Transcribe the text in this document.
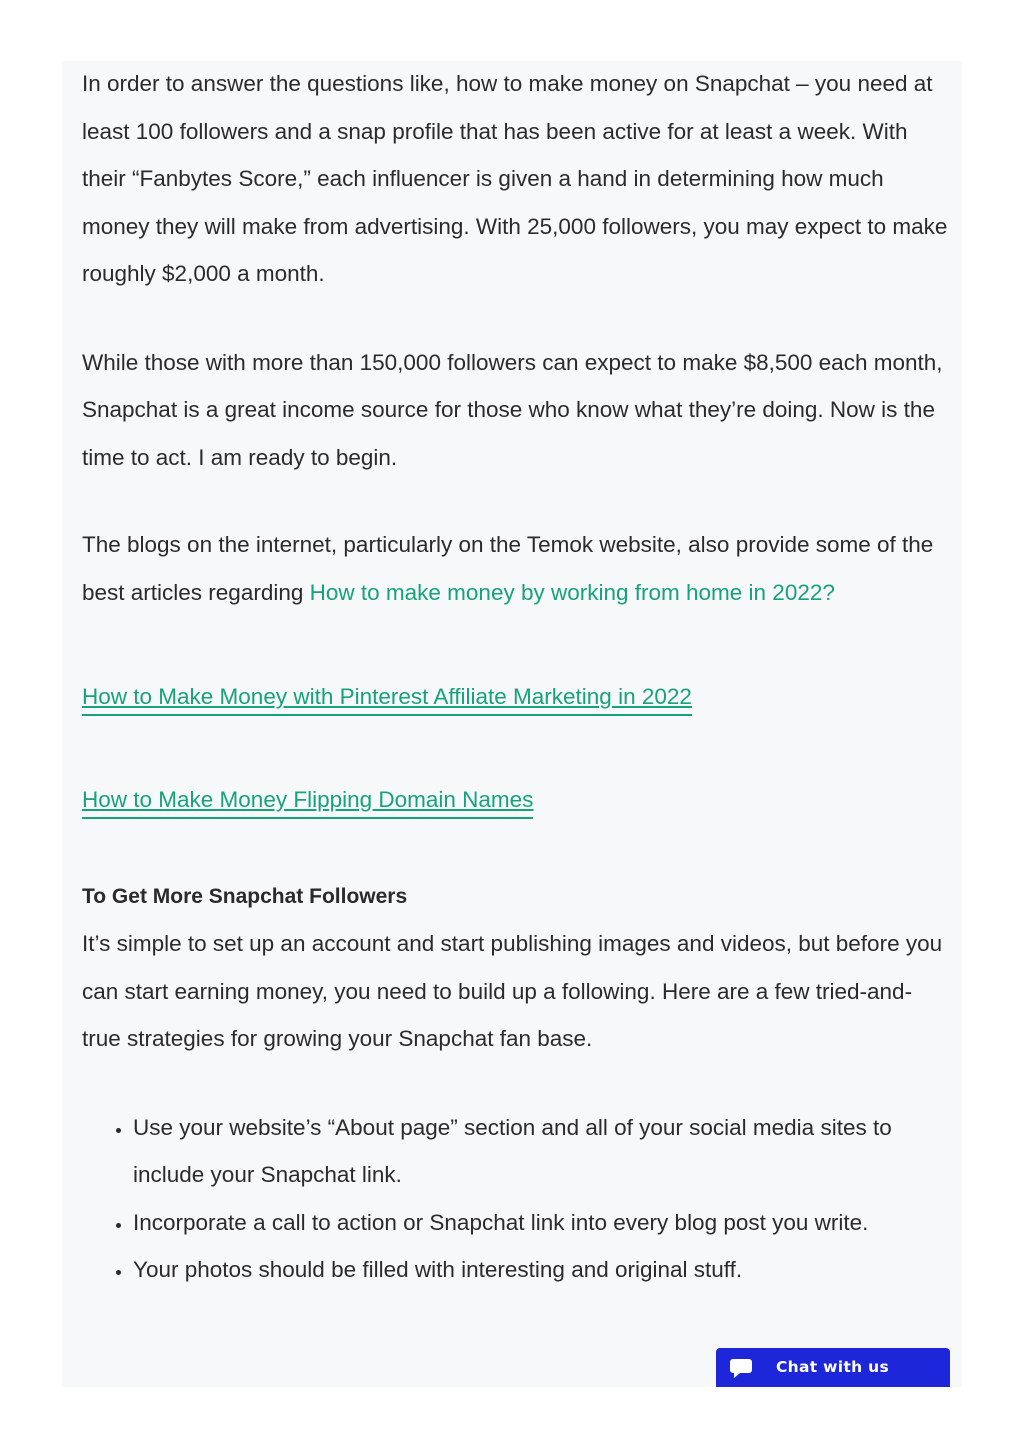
In order to answer the questions like, how to make money on Snapchat – you need at least 100 followers and a snap profile that has been active for at least a week. With their “Fanbytes Score,” each influencer is given a hand in determining how much money they will make from advertising. With 25,000 followers, you may expect to make roughly $2,000 a month.

While those with more than 150,000 followers can expect to make $8,500 each month, Snapchat is a great income source for those who know what they’re doing. Now is the time to act. I am ready to begin.

The blogs on the internet, particularly on the Temok website, also provide some of the best articles regarding How to make money by working from home in 2022?

How to Make Money with Pinterest Affiliate Marketing in 2022
How to Make Money Flipping Domain Names
To Get More Snapchat Followers

It’s simple to set up an account and start publishing images and videos, but before you can start earning money, you need to build up a following. Here are a few tried-and-true strategies for growing your Snapchat fan base.

• Use your website’s “About page” section and all of your social media sites to include your Snapchat link.
• Incorporate a call to action or Snapchat link into every blog post you write.
• Your photos should be filled with interesting and original stuff.
Chat with us
